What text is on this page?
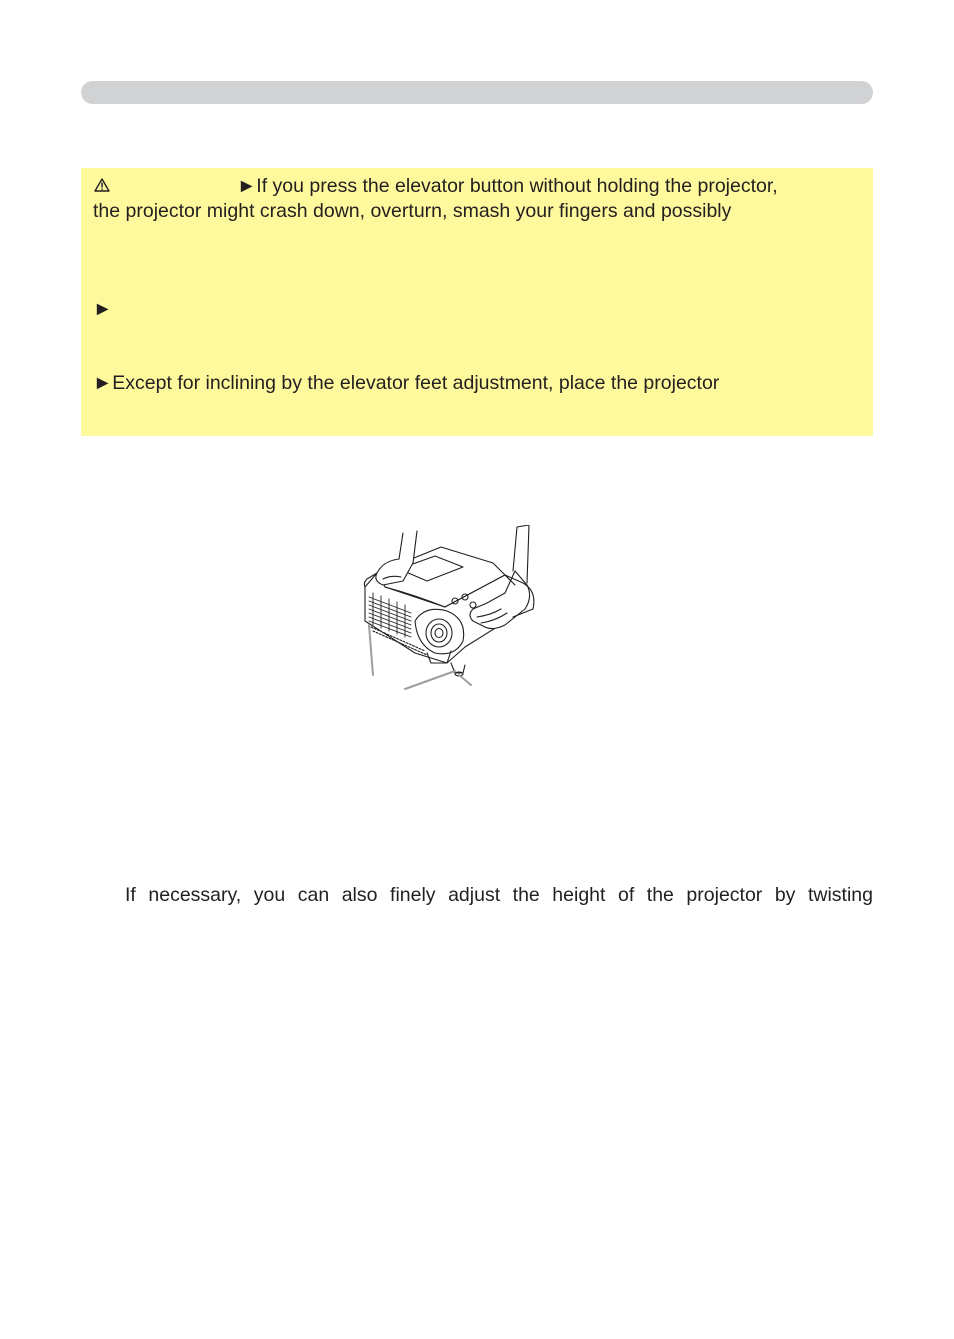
►If you press the elevator button without holding the projector,
the projector might crash down, overturn, smash your fingers and possibly
►
►Except for inclining by the elevator feet adjustment, place the projector
If necessary, you can also finely adjust the height of the projector by twisting
